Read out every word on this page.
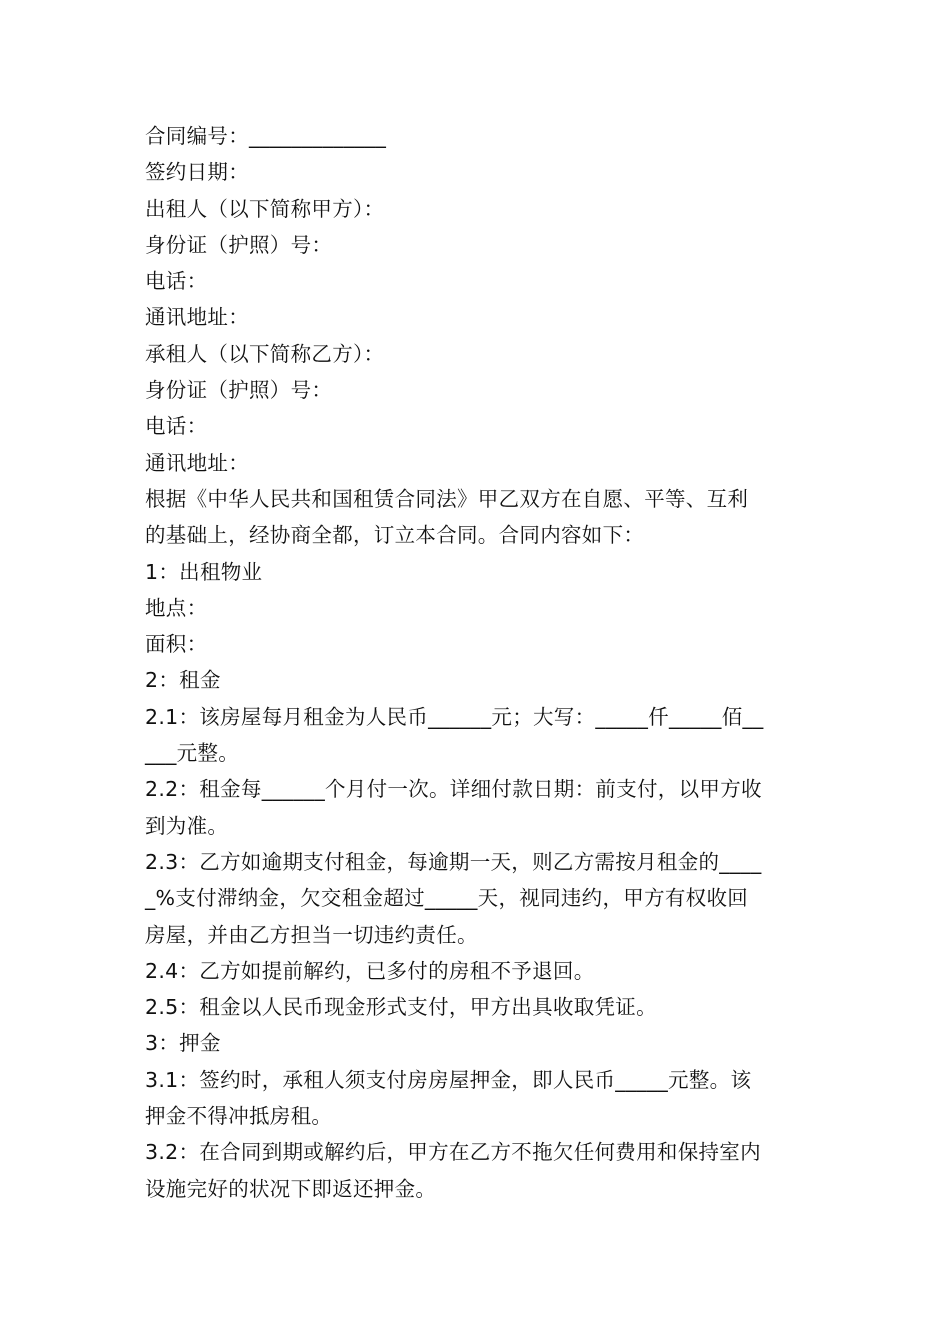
合同编号：_____________
签约日期：
出租人（以下简称甲方）：
身份证（护照）号：
电话：
通讯地址：
承租人（以下简称乙方）：
身份证（护照）号：
电话：
通讯地址：
根据《中华人民共和国租赁合同法》甲乙双方在自愿、平等、互利
的基础上，经协商全都，订立本合同。合同内容如下：
1：出租物业
地点：
面积：
2：租金
2.1：该房屋每月租金为人民币______元；大写：_____仟_____佰__
___元整。
2.2：租金每______个月付一次。详细付款日期：前支付，以甲方收
到为准。
2.3：乙方如逾期支付租金，每逾期一天，则乙方需按月租金的____
_%支付滞纳金，欠交租金超过_____天，视同违约，甲方有权收回
房屋，并由乙方担当一切违约责任。
2.4：乙方如提前解约，已多付的房租不予退回。
2.5：租金以人民币现金形式支付，甲方出具收取凭证。
3：押金
3.1：签约时，承租人须支付房房屋押金，即人民币_____元整。该
押金不得冲抵房租。
3.2：在合同到期或解约后，甲方在乙方不拖欠任何费用和保持室内
设施完好的状况下即返还押金。
